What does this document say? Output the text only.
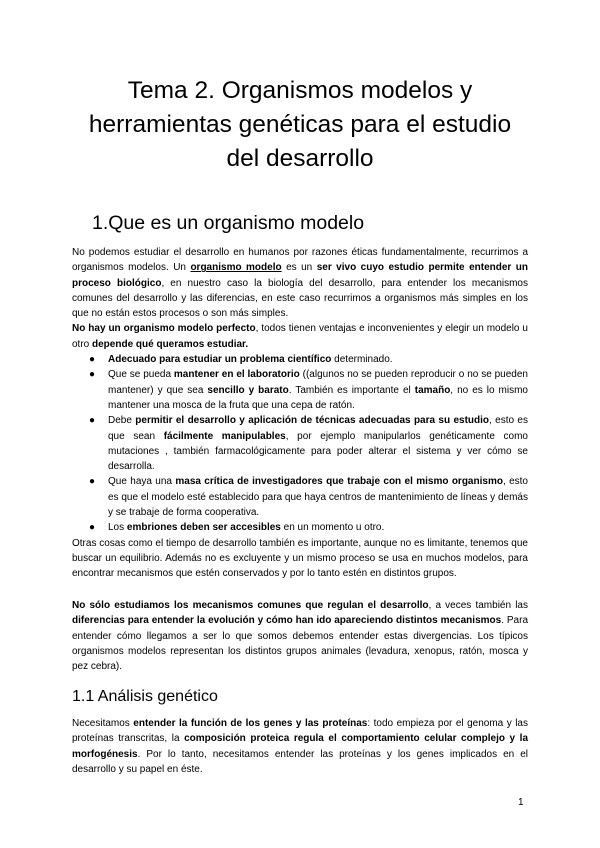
Tema 2. Organismos modelos y
herramientas genéticas para el estudio
del desarrollo
1.Que es un organismo modelo

No podemos estudiar el desarrollo en humanos por razones éticas fundamentalmente, recurrimos a organismos modelos. Un organismo modelo es un ser vivo cuyo estudio permite entender un proceso biológico, en nuestro caso la biología del desarrollo, para entender los mecanismos comunes del desarrollo y las diferencias, en este caso recurrimos a organismos más simples en los que no están estos procesos o son más simples.

No hay un organismo modelo perfecto, todos tienen ventajas e inconvenientes y elegir un modelo u otro depende qué queramos estudiar.

● Adecuado para estudiar un problema científico determinado.
● Que se pueda mantener en el laboratorio ((algunos no se pueden reproducir o no se pueden mantener) y que sea sencillo y barato. También es importante el tamaño, no es lo mismo mantener una mosca de la fruta que una cepa de ratón.
● Debe permitir el desarrollo y aplicación de técnicas adecuadas para su estudio, esto es que sean fácilmente manipulables, por ejemplo manipularlos genéticamente como mutaciones , también farmacológicamente para poder alterar el sistema y ver cómo se desarrolla.
● Que haya una masa crítica de investigadores que trabaje con el mismo organismo, esto es que el modelo esté establecido para que haya centros de mantenimiento de líneas y demás y se trabaje de forma cooperativa.
● Los embriones deben ser accesibles en un momento u otro.

Otras cosas como el tiempo de desarrollo también es importante, aunque no es limitante, tenemos que buscar un equilibrio. Además no es excluyente y un mismo proceso se usa en muchos modelos, para encontrar mecanismos que estén conservados y por lo tanto estén en distintos grupos.

No sólo estudiamos los mecanismos comunes que regulan el desarrollo, a veces también las diferencias para entender la evolución y cómo han ido apareciendo distintos mecanismos. Para entender cómo llegamos a ser lo que somos debemos entender estas divergencias. Los típicos organismos modelos representan los distintos grupos animales (levadura, xenopus, ratón, mosca y pez cebra).

1.1 Análisis genético

Necesitamos entender la función de los genes y las proteínas: todo empieza por el genoma y las proteínas transcritas, la composición proteica regula el comportamiento celular complejo y la morfogénesis. Por lo tanto, necesitamos entender las proteínas y los genes implicados en el desarrollo y su papel en éste.

1
